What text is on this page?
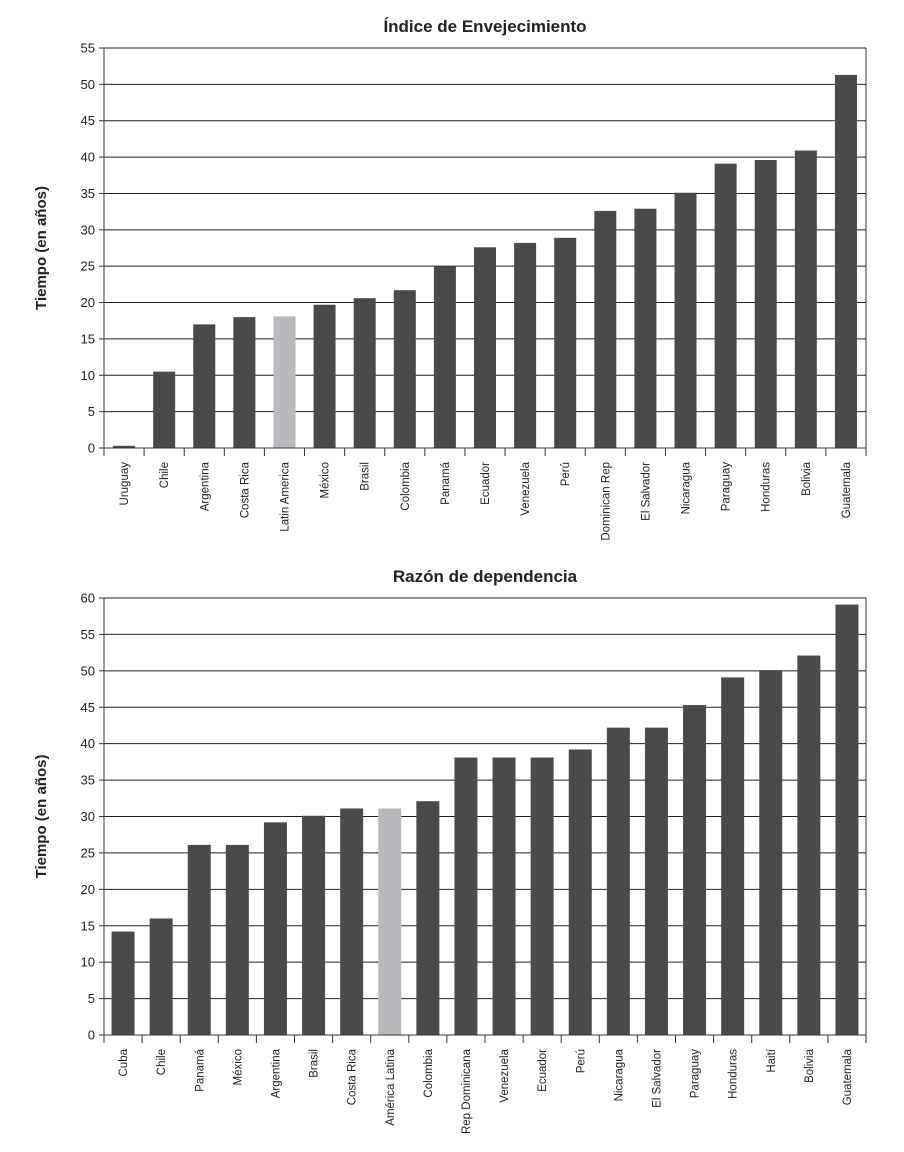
Índice de Envejecimiento
Tiempo (en años)
0
5
10
15
20
25
30
35
40
45
50
55
Uruguay Chile Argentina Costa Rica Latin America México Brasil Colombia Panamá Ecuador Venezuela Perú Dominican Rep El Salvador Nicaragua Paraguay Honduras Bolivia Guatemala
Razón de dependencia
Tiempo (en años)
0
5
10
15
20
25
30
35
40
45
50
55
60
Cuba Chile Panamá México Argentina Brasil Costa Rica América Latina Colombia Rep Dominicana Venezuela Ecuador Perú Nicaragua El Salvador Paraguay Honduras Haití Bolivia Guatemala
